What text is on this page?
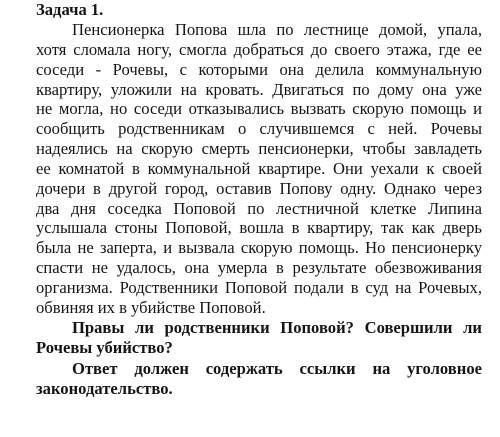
Задача 1.
Пенсионерка Попова шла по лестнице домой, упала,
хотя сломала ногу, смогла добраться до своего этажа, где ее
соседи - Рочевы, с которыми она делила коммунальную
квартиру, уложили на кровать. Двигаться по дому она уже
не могла, но соседи отказывались вызвать скорую помощь и
сообщить родственникам о случившемся с ней. Рочевы
надеялись на скорую смерть пенсионерки, чтобы завладеть
ее комнатой в коммунальной квартире. Они уехали к своей
дочери в другой город, оставив Попову одну. Однако через
два дня соседка Поповой по лестничной клетке Липина
услышала стоны Поповой, вошла в квартиру, так как дверь
была не заперта, и вызвала скорую помощь. Но пенсионерку
спасти не удалось, она умерла в результате обезвоживания
организма. Родственники Поповой подали в суд на Рочевых,
обвиняя их в убийстве Поповой.
Правы ли родственники Поповой? Совершили ли
Рочевы убийство?
Ответ должен содержать ссылки на уголовное
законодательство.
